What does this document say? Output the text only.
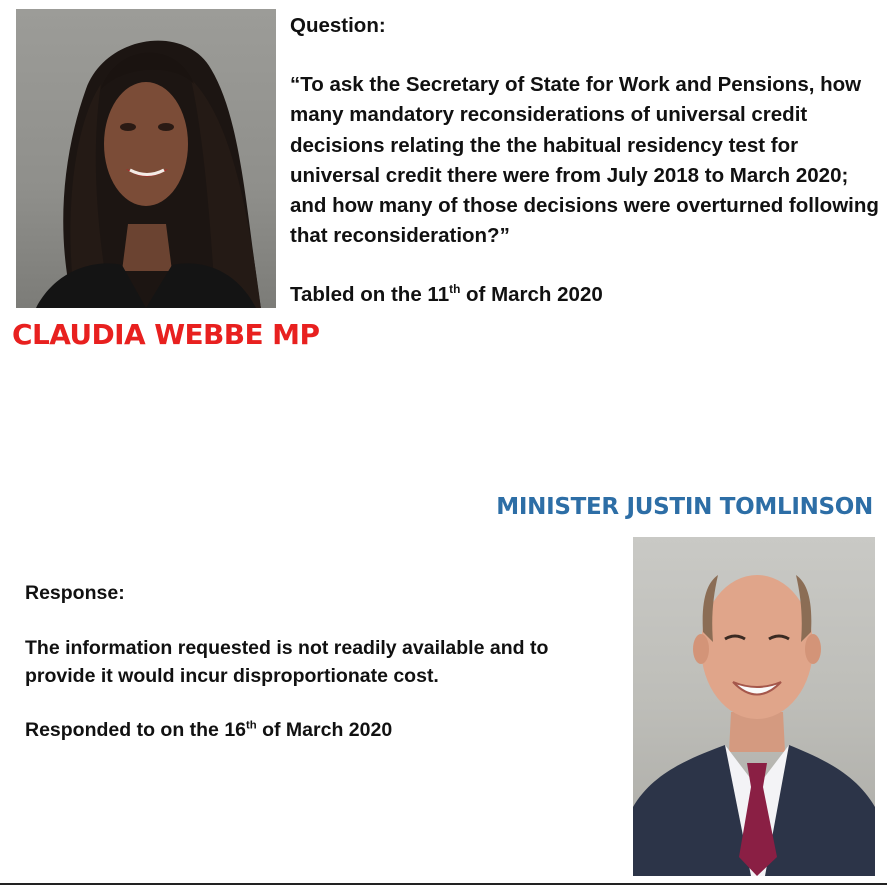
Question:
“To ask the Secretary of State for Work and Pensions, how many mandatory reconsiderations of universal credit decisions relating the the habitual residency test for universal credit there were from July 2018 to March 2020; and how many of those decisions were overturned following that reconsideration?”
Tabled on the 11th of March 2020
CLAUDIA WEBBE MP
MINISTER JUSTIN TOMLINSON
Response:
The information requested is not readily available and to provide it would incur disproportionate cost.
Responded to on the 16th of March 2020
